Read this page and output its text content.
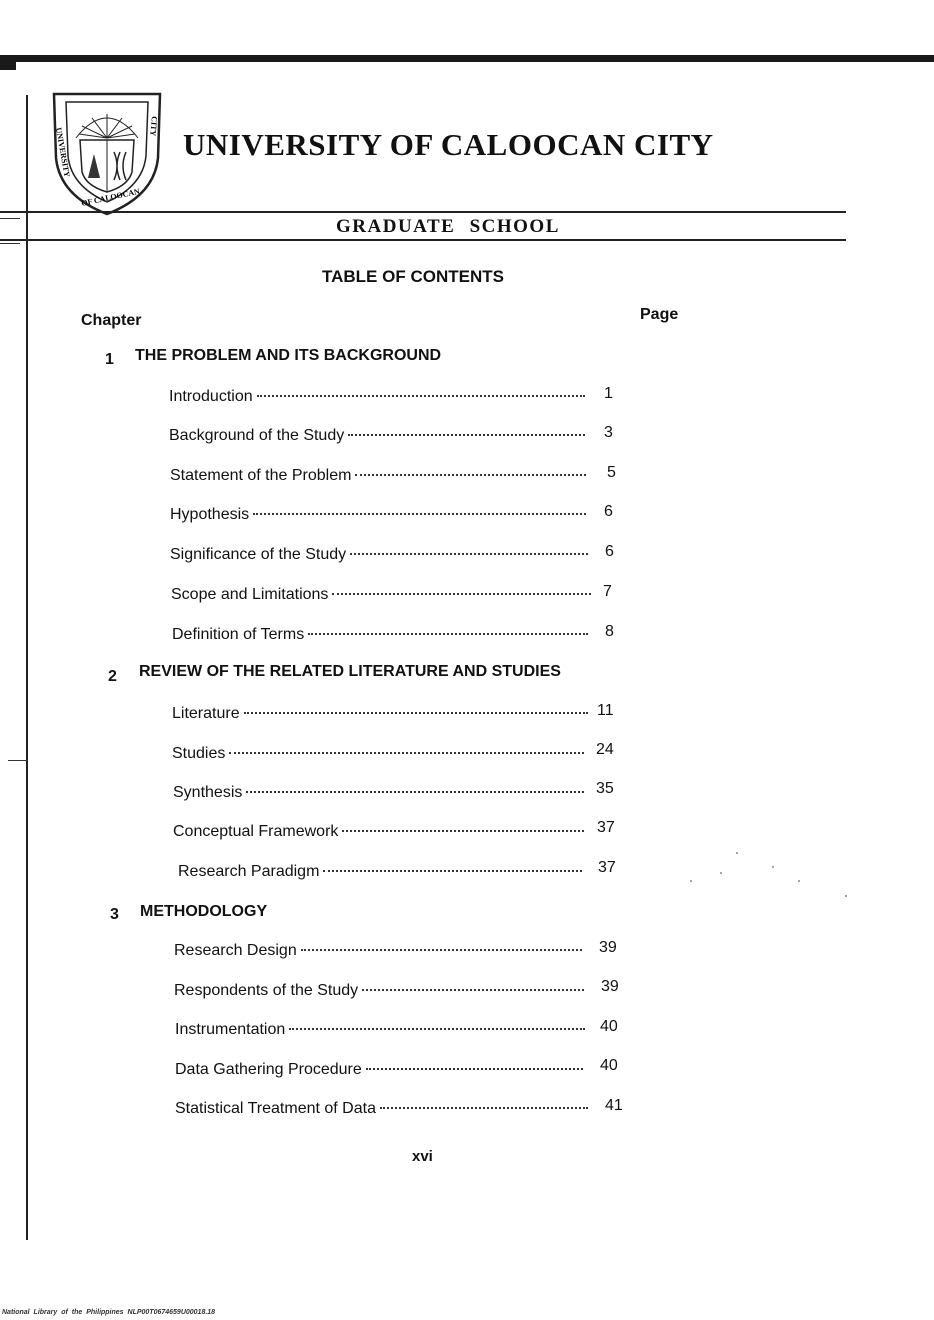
UNIVERSITY
OF CALOOCAN
CITY
UNIVERSITY OF CALOOCAN CITY
GRADUATE SCHOOL
TABLE OF CONTENTS
Chapter	Page
1 THE PROBLEM AND ITS BACKGROUND
Introduction	1
Background of the Study	3
Statement of the Problem	5
Hypothesis	6
Significance of the Study	6
Scope and Limitations	7
Definition of Terms	8
2 REVIEW OF THE RELATED LITERATURE AND STUDIES
Literature	11
Studies	24
Synthesis	35
Conceptual Framework	37
Research Paradigm	37
3 METHODOLOGY
Research Design	39
Respondents of the Study	39
Instrumentation	40
Data Gathering Procedure	40
Statistical Treatment of Data	41
xvi
National Library of the Philippines NLP00T0674659U00018.18
